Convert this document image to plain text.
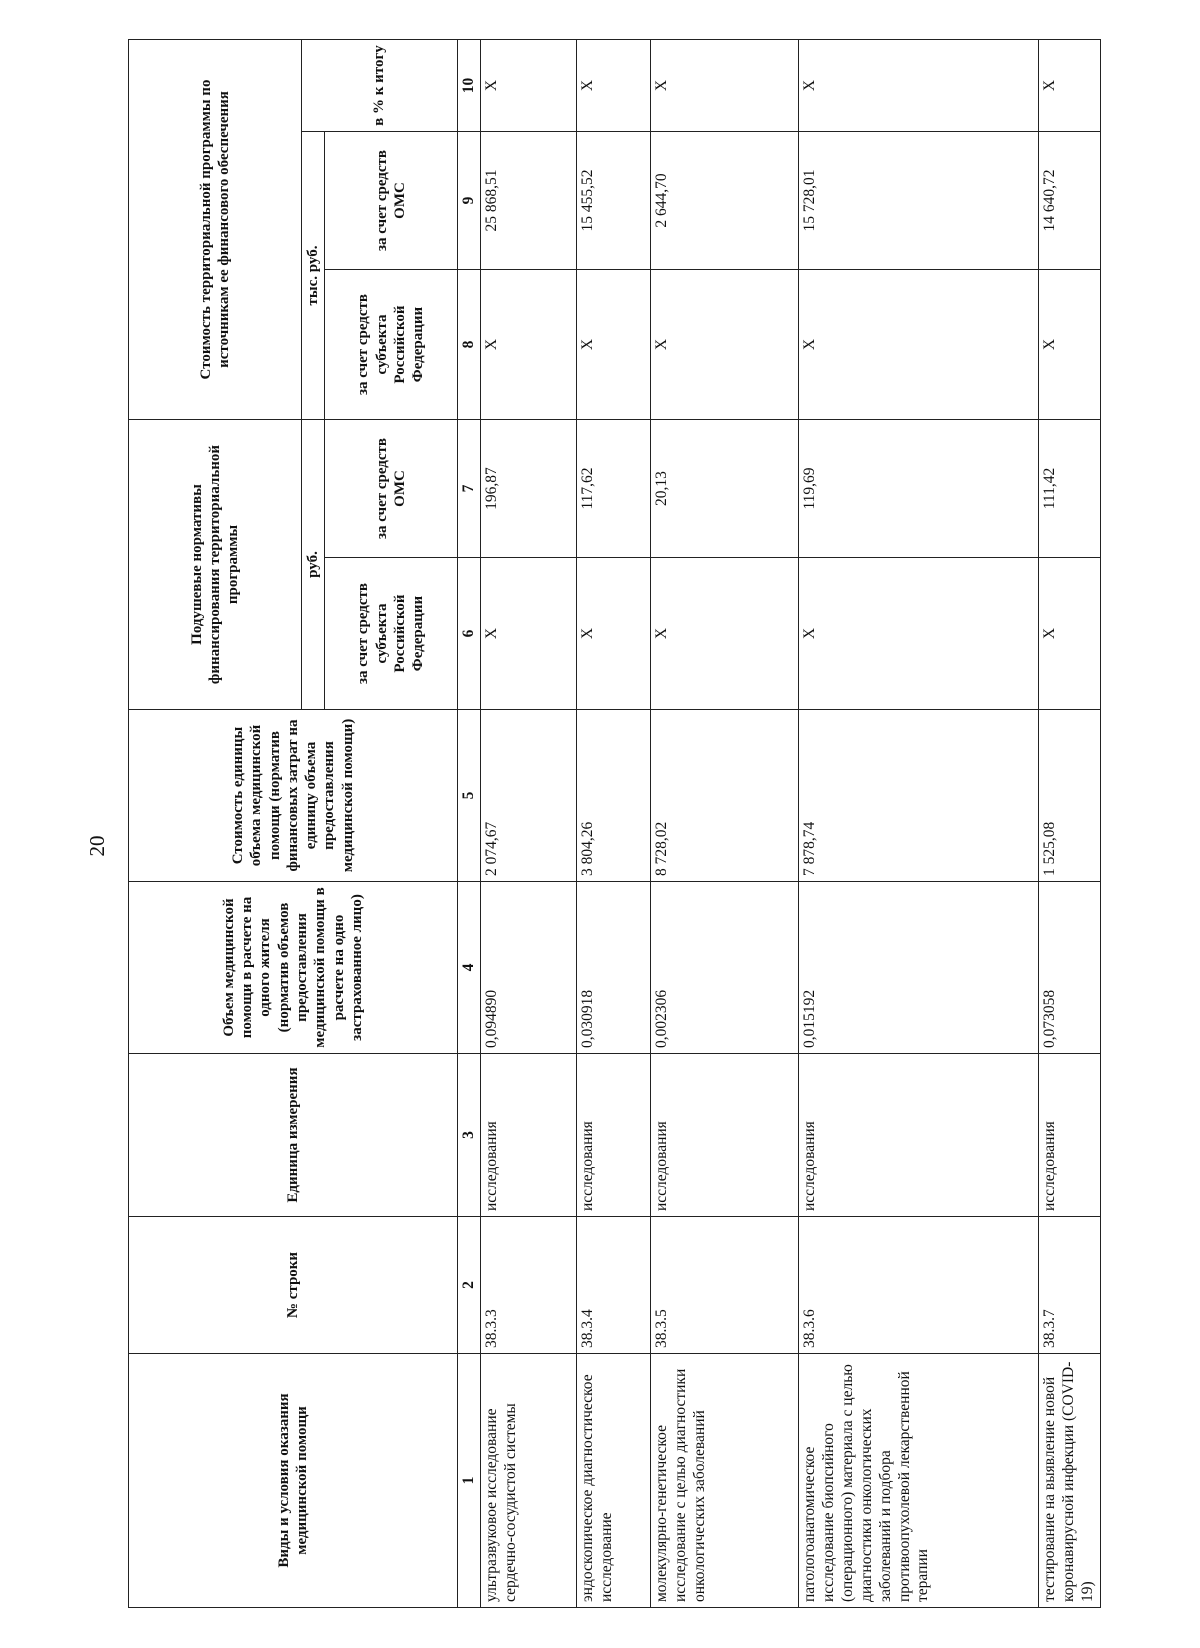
20
Виды и условия оказания медицинской помощи	№ строки	Единица измерения	Объем медицинской помощи в расчете на одного жителя (норматив объемов предоставления медицинской помощи в расчете на одно застрахованное лицо)	Стоимость единицы объема медицинской помощи (норматив финансовых затрат на единицу объема предоставления медицинской помощи)	Подушевые нормативы финансирования территориальной программы		Стоимость территориальной программы по источникам ее финансового обеспечения		
					руб.		тыс. руб.		в % к итогу
					за счет средств субъекта Российской Федерации	за счет средств ОМС	за счет средств субъекта Российской Федерации	за счет средств ОМС	
1	2	3	4	5	6	7	8	9	10
ультразвуковое исследование сердечно-сосудистой системы	38.3.3	исследования	0,094890	2 074,67	X	196,87	X	25 868,51	X
эндоскопическое диагностическое исследование	38.3.4	исследования	0,030918	3 804,26	X	117,62	X	15 455,52	X
молекулярно-генетическое исследование с целью диагностики онкологических заболеваний	38.3.5	исследования	0,002306	8 728,02	X	20,13	X	2 644,70	X
патологоанатомическое исследование биопсийного (операционного) материала с целью диагностики онкологических заболеваний и подбора противоопухолевой лекарственной терапии	38.3.6	исследования	0,015192	7 878,74	X	119,69	X	15 728,01	X
тестирование на выявление новой коронавирусной инфекции (COVID-19)	38.3.7	исследования	0,073058	1 525,08	X	111,42	X	14 640,72	X
